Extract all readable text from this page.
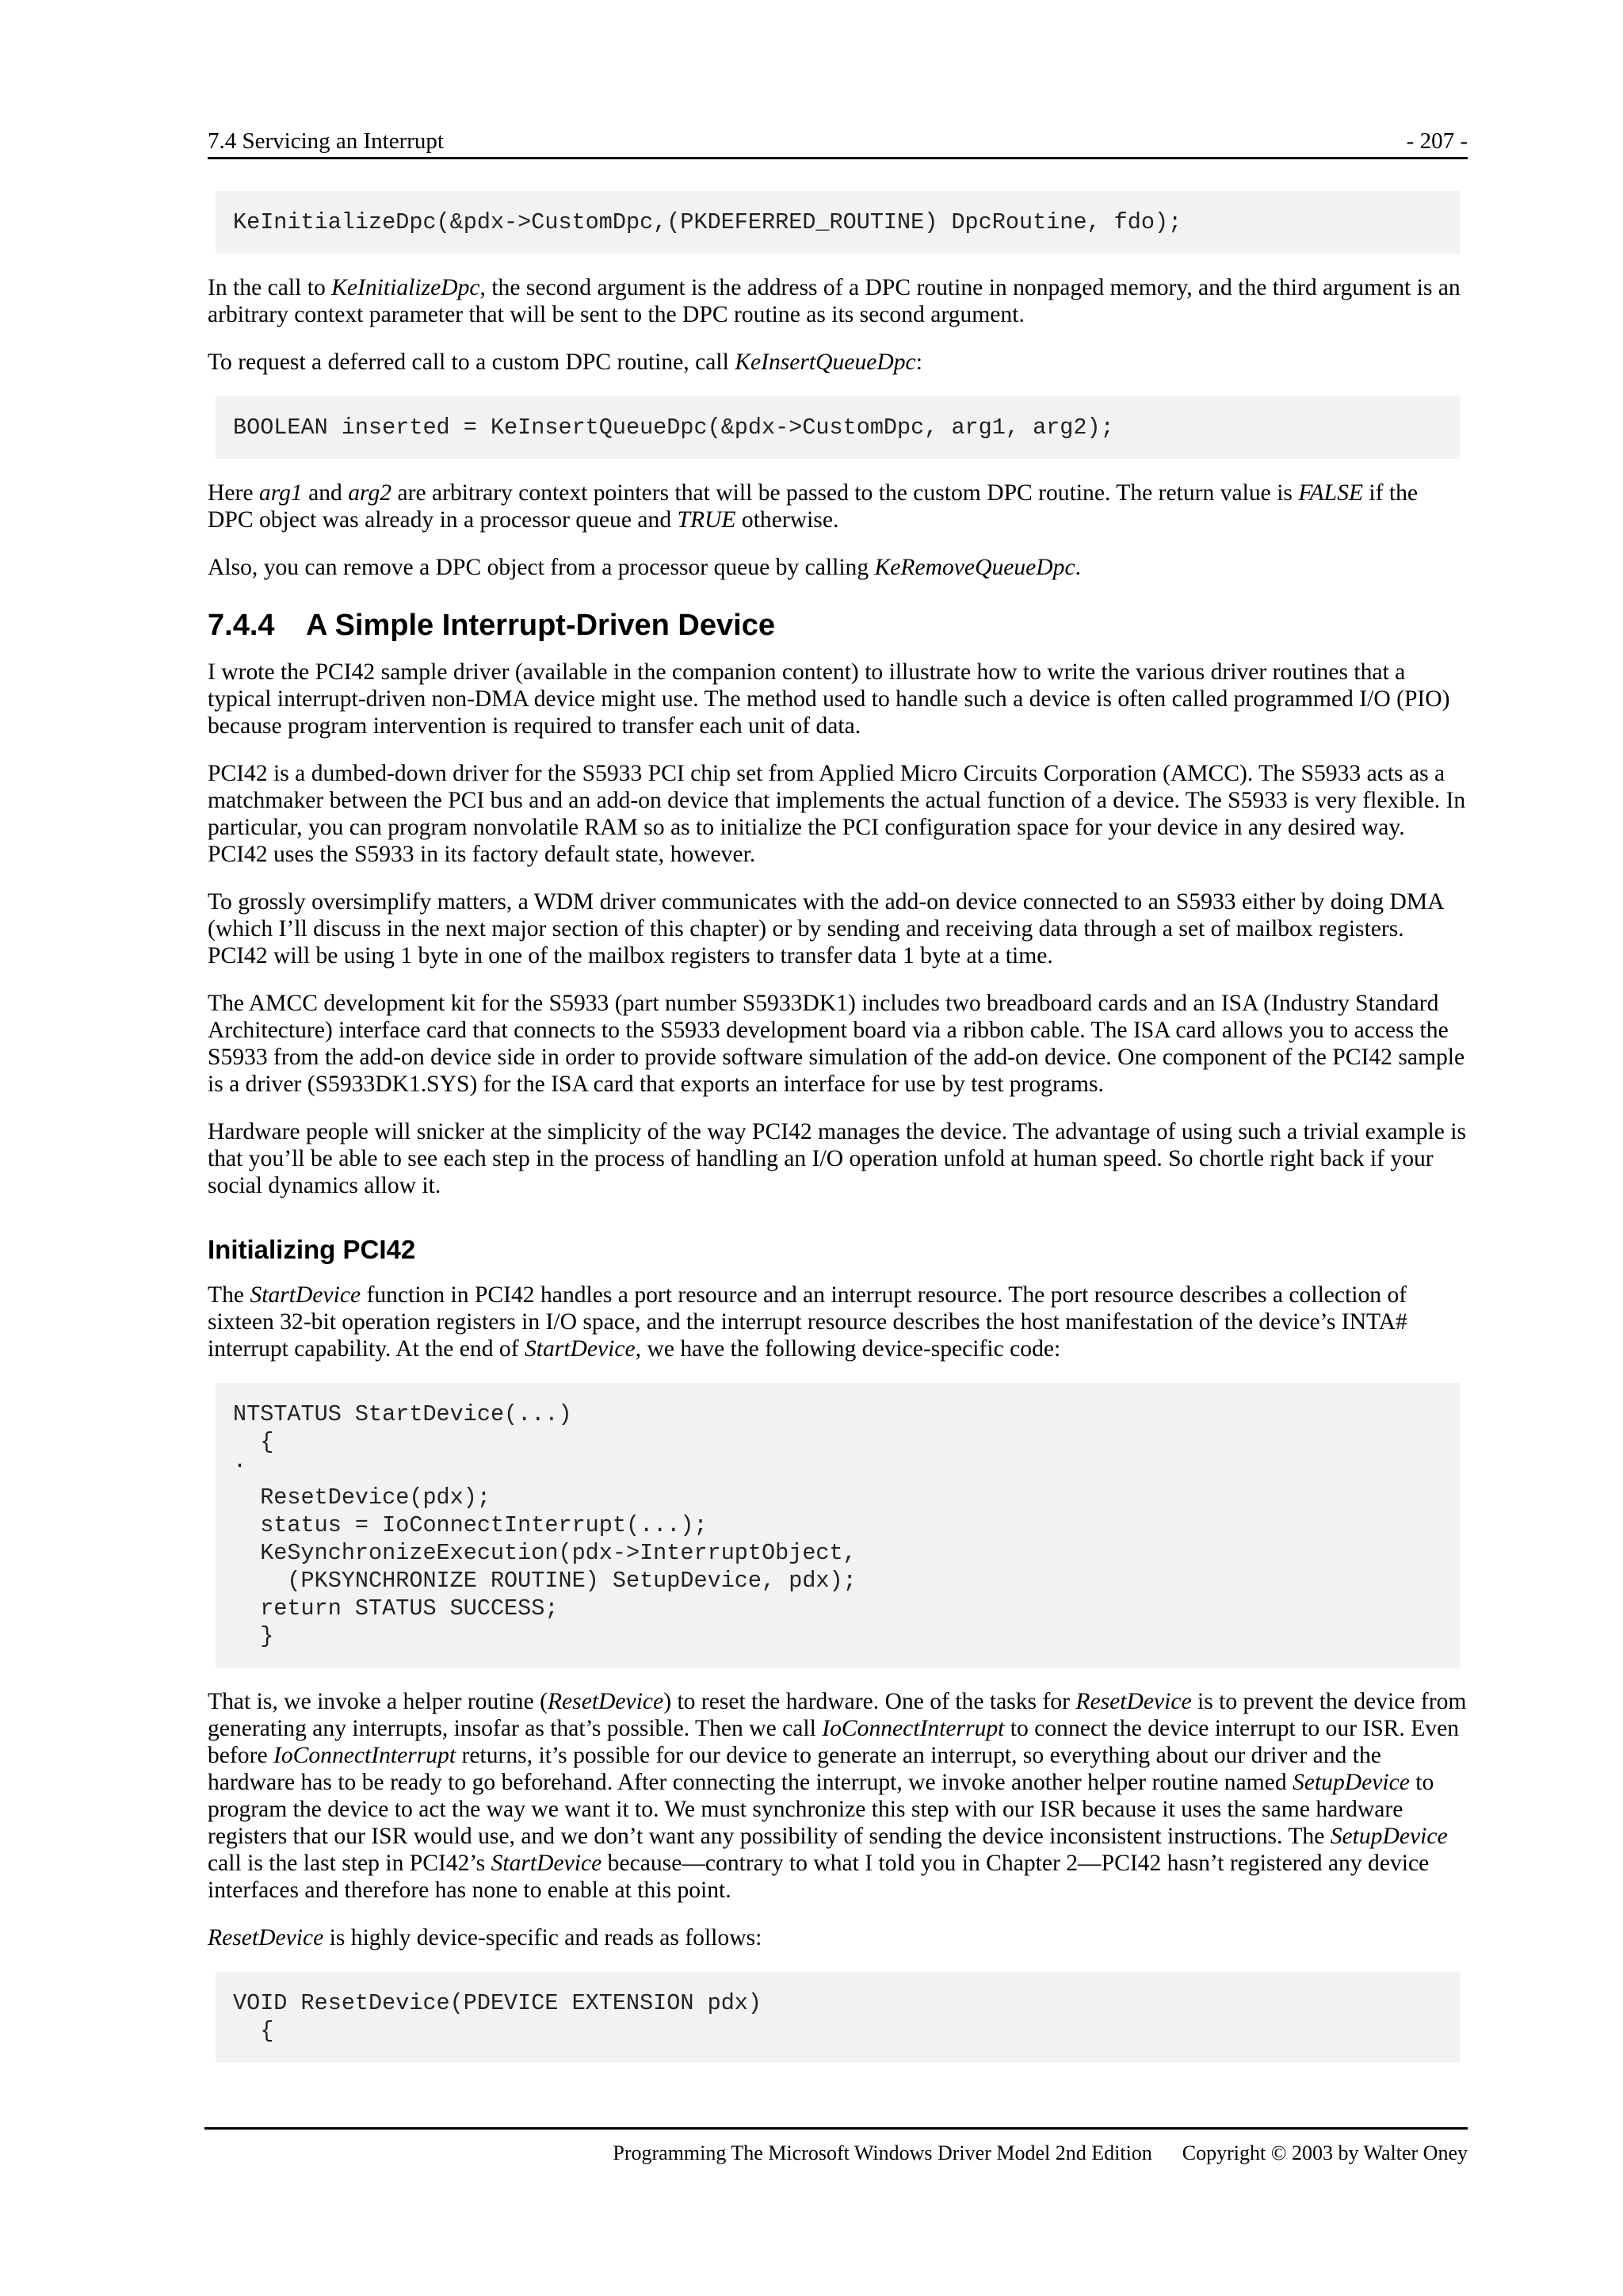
7.4 Servicing an Interrupt	- 207 -
KeInitializeDpc(&pdx->CustomDpc,(PKDEFERRED_ROUTINE) DpcRoutine, fdo);

In the call to KeInitializeDpc, the second argument is the address of a DPC routine in nonpaged memory, and the third argument is an arbitrary context parameter that will be sent to the DPC routine as its second argument.

To request a deferred call to a custom DPC routine, call KeInsertQueueDpc:

BOOLEAN inserted = KeInsertQueueDpc(&pdx->CustomDpc, arg1, arg2);

Here arg1 and arg2 are arbitrary context pointers that will be passed to the custom DPC routine. The return value is FALSE if the DPC object was already in a processor queue and TRUE otherwise.

Also, you can remove a DPC object from a processor queue by calling KeRemoveQueueDpc.

7.4.4 A Simple Interrupt-Driven Device

I wrote the PCI42 sample driver (available in the companion content) to illustrate how to write the various driver routines that a typical interrupt-driven non-DMA device might use. The method used to handle such a device is often called programmed I/O (PIO) because program intervention is required to transfer each unit of data.

PCI42 is a dumbed-down driver for the S5933 PCI chip set from Applied Micro Circuits Corporation (AMCC). The S5933 acts as a matchmaker between the PCI bus and an add-on device that implements the actual function of a device. The S5933 is very flexible. In particular, you can program nonvolatile RAM so as to initialize the PCI configuration space for your device in any desired way. PCI42 uses the S5933 in its factory default state, however.

To grossly oversimplify matters, a WDM driver communicates with the add-on device connected to an S5933 either by doing DMA (which I’ll discuss in the next major section of this chapter) or by sending and receiving data through a set of mailbox registers. PCI42 will be using 1 byte in one of the mailbox registers to transfer data 1 byte at a time.

The AMCC development kit for the S5933 (part number S5933DK1) includes two breadboard cards and an ISA (Industry Standard Architecture) interface card that connects to the S5933 development board via a ribbon cable. The ISA card allows you to access the S5933 from the add-on device side in order to provide software simulation of the add-on device. One component of the PCI42 sample is a driver (S5933DK1.SYS) for the ISA card that exports an interface for use by test programs.

Hardware people will snicker at the simplicity of the way PCI42 manages the device. The advantage of using such a trivial example is that you’ll be able to see each step in the process of handling an I/O operation unfold at human speed. So chortle right back if your social dynamics allow it.

Initializing PCI42

The StartDevice function in PCI42 handles a port resource and an interrupt resource. The port resource describes a collection of sixteen 32-bit operation registers in I/O space, and the interrupt resource describes the host manifestation of the device’s INTA# interrupt capability. At the end of StartDevice, we have the following device-specific code:

NTSTATUS StartDevice(...)
{
.
ResetDevice(pdx);
status = IoConnectInterrupt(...);
KeSynchronizeExecution(pdx->InterruptObject,
(PKSYNCHRONIZE ROUTINE) SetupDevice, pdx);
return STATUS SUCCESS;
}

That is, we invoke a helper routine (ResetDevice) to reset the hardware. One of the tasks for ResetDevice is to prevent the device from generating any interrupts, insofar as that’s possible. Then we call IoConnectInterrupt to connect the device interrupt to our ISR. Even before IoConnectInterrupt returns, it’s possible for our device to generate an interrupt, so everything about our driver and the hardware has to be ready to go beforehand. After connecting the interrupt, we invoke another helper routine named SetupDevice to program the device to act the way we want it to. We must synchronize this step with our ISR because it uses the same hardware registers that our ISR would use, and we don’t want any possibility of sending the device inconsistent instructions. The SetupDevice call is the last step in PCI42’s StartDevice because—contrary to what I told you in Chapter 2—PCI42 hasn’t registered any device interfaces and therefore has none to enable at this point.

ResetDevice is highly device-specific and reads as follows:

VOID ResetDevice(PDEVICE EXTENSION pdx)
{
Programming The Microsoft Windows Driver Model 2nd Edition Copyright © 2003 by Walter Oney
